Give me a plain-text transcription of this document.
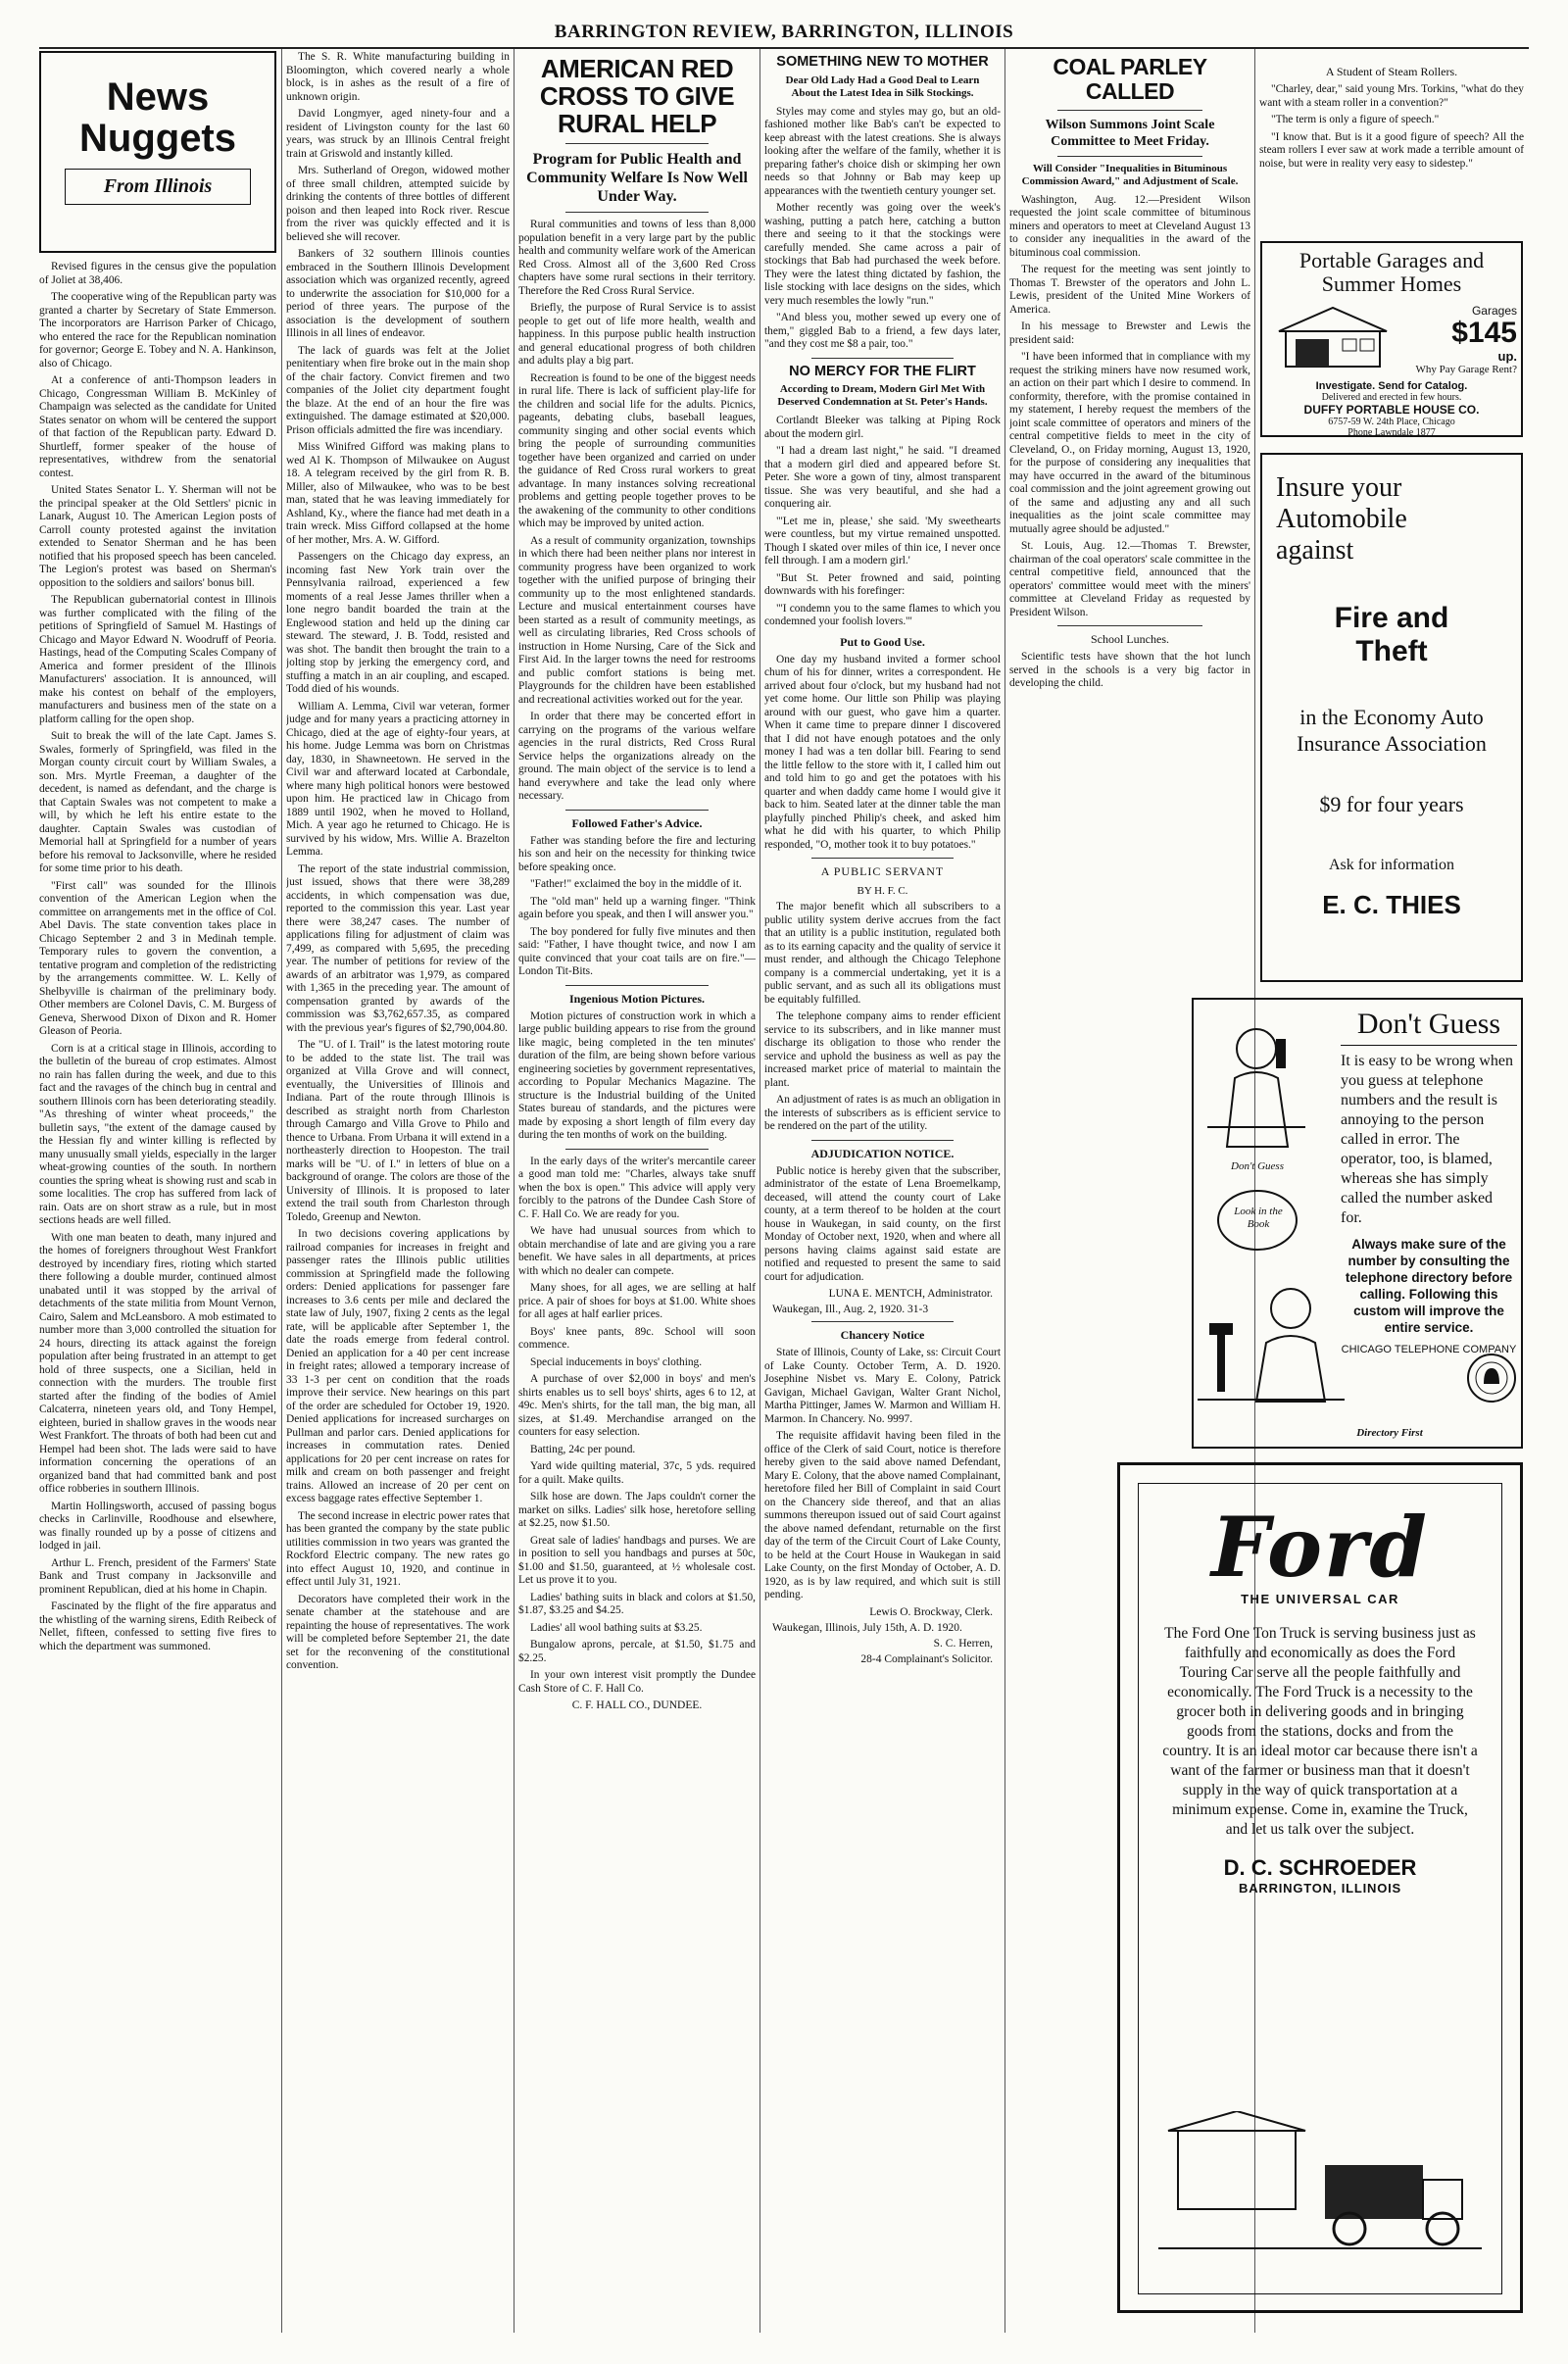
BARRINGTON REVIEW, BARRINGTON, ILLINOIS
News
Nuggets
From Illinois

Revised figures in the census give the population of Joliet at 38,406.

The cooperative wing of the Republican party was granted a charter by Secretary of State Emmerson. The incorporators are Harrison Parker of Chicago, who entered the race for the Republican nomination for governor; George E. Tobey and N. A. Hankinson, also of Chicago.

At a conference of anti-Thompson leaders in Chicago, Congressman William B. McKinley of Champaign was selected as the candidate for United States senator on whom will be centered the support of that faction of the Republican party. Edward D. Shurtleff, former speaker of the house of representatives, withdrew from the senatorial contest.

United States Senator L. Y. Sherman will not be the principal speaker at the Old Settlers' picnic in Lanark, August 10. The American Legion posts of Carroll county protested against the invitation extended to Senator Sherman and he has been notified that his proposed speech has been canceled. The Legion's protest was based on Sherman's opposition to the soldiers and sailors' bonus bill.

The Republican gubernatorial contest in Illinois was further complicated with the filing of the petitions of Springfield of Samuel M. Hastings of Chicago and Mayor Edward N. Woodruff of Peoria. Hastings, head of the Computing Scales Company of America and former president of the Illinois Manufacturers' association. It is announced, will make his contest on behalf of the employers, manufacturers and business men of the state on a platform calling for the open shop.

Suit to break the will of the late Capt. James S. Swales, formerly of Springfield, was filed in the Morgan county circuit court by William Swales, a son. Mrs. Myrtle Freeman, a daughter of the decedent, is named as defendant, and the charge is that Captain Swales was not competent to make a will, by which he left his entire estate to the daughter. Captain Swales was custodian of Memorial hall at Springfield for a number of years before his removal to Jacksonville, where he resided for some time prior to his death.

"First call" was sounded for the Illinois convention of the American Legion when the committee on arrangements met in the office of Col. Abel Davis. The state convention takes place in Chicago September 2 and 3 in Medinah temple. Temporary rules to govern the convention, a tentative program and completion of the redistricting by the arrangements committee. W. L. Kelly of Shelbyville is chairman of the preliminary body. Other members are Colonel Davis, C. M. Burgess of Geneva, Sherwood Dixon of Dixon and R. Homer Gleason of Peoria.

Corn is at a critical stage in Illinois, according to the bulletin of the bureau of crop estimates. Almost no rain has fallen during the week, and due to this fact and the ravages of the chinch bug in central and southern Illinois corn has been deteriorating steadily. "As threshing of winter wheat proceeds," the bulletin says, "the extent of the damage caused by the Hessian fly and winter killing is reflected by many unusually small yields, especially in the larger wheat-growing counties of the south. In northern counties the spring wheat is showing rust and scab in some localities. The crop has suffered from lack of rain. Oats are on short straw as a rule, but in most sections heads are well filled.

With one man beaten to death, many injured and the homes of foreigners throughout West Frankfort destroyed by incendiary fires, rioting which started there following a double murder, continued almost unabated until it was stopped by the arrival of detachments of the state militia from Mount Vernon, Cairo, Salem and McLeansboro. A mob estimated to number more than 3,000 controlled the situation for 24 hours, directing its attack against the foreign population after being frustrated in an attempt to get hold of three suspects, one a Sicilian, held in connection with the murders. The trouble first started after the finding of the bodies of Amiel Calcaterra, nineteen years old, and Tony Hempel, eighteen, buried in shallow graves in the woods near West Frankfort. The throats of both had been cut and Hempel had been shot. The lads were said to have information concerning the operations of an organized band that had committed bank and post office robberies in southern Illinois.

Martin Hollingsworth, accused of passing bogus checks in Carlinville, Roodhouse and elsewhere, was finally rounded up by a posse of citizens and lodged in jail.

Arthur L. French, president of the Farmers' State Bank and Trust company in Jacksonville and prominent Republican, died at his home in Chapin.

Fascinated by the flight of the fire apparatus and the whistling of the warning sirens, Edith Reibeck of Nellet, fifteen, confessed to setting five fires to which the department was summoned.

The S. R. White manufacturing building in Bloomington, which covered nearly a whole block, is in ashes as the result of a fire of unknown origin.

David Longmyer, aged ninety-four and a resident of Livingston county for the last 60 years, was struck by an Illinois Central freight train at Griswold and instantly killed.

Mrs. Sutherland of Oregon, widowed mother of three small children, attempted suicide by drinking the contents of three bottles of different poison and then leaped into Rock river. Rescue from the river was quickly effected and it is believed she will recover.

Bankers of 32 southern Illinois counties embraced in the Southern Illinois Development association which was organized recently, agreed to underwrite the association for $10,000 for a period of three years. The purpose of the association is the development of southern Illinois in all lines of endeavor.

The lack of guards was felt at the Joliet penitentiary when fire broke out in the main shop of the chair factory. Convict firemen and two companies of the Joliet city department fought the blaze. At the end of an hour the fire was extinguished. The damage estimated at $20,000. Prison officials admitted the fire was incendiary.

Miss Winifred Gifford was making plans to wed Al K. Thompson of Milwaukee on August 18. A telegram received by the girl from R. B. Miller, also of Milwaukee, who was to be best man, stated that he was leaving immediately for Ashland, Ky., where the fiance had met death in a train wreck. Miss Gifford collapsed at the home of her mother, Mrs. A. W. Gifford.

Passengers on the Chicago day express, an incoming fast New York train over the Pennsylvania railroad, experienced a few moments of a real Jesse James thriller when a lone negro bandit boarded the train at the Englewood station and held up the dining car steward. The steward, J. B. Todd, resisted and was shot. The bandit then brought the train to a jolting stop by jerking the emergency cord, and stuffing a match in an air coupling, and escaped. Todd died of his wounds.

William A. Lemma, Civil war veteran, former judge and for many years a practicing attorney in Chicago, died at the age of eighty-four years, at his home. Judge Lemma was born on Christmas day, 1830, in Shawneetown. He served in the Civil war and afterward located at Carbondale, where many high political honors were bestowed upon him. He practiced law in Chicago from 1889 until 1902, when he moved to Holland, Mich. A year ago he returned to Chicago. He is survived by his widow, Mrs. Willie A. Brazelton Lemma.

The report of the state industrial commission, just issued, shows that there were 38,289 accidents, in which compensation was due, reported to the commission this year. Last year there were 38,247 cases. The number of applications filing for adjustment of claim was 7,499, as compared with 5,695, the preceding year. The number of petitions for review of the awards of an arbitrator was 1,979, as compared with 1,365 in the preceding year. The amount of compensation granted by awards of the commission was $3,762,657.35, as compared with the previous year's figures of $2,790,004.80.

The "U. of I. Trail" is the latest motoring route to be added to the state list. The trail was organized at Villa Grove and will connect, eventually, the Universities of Illinois and Indiana. Part of the route through Illinois is described as straight north from Charleston through Camargo and Villa Grove to Philo and thence to Urbana. From Urbana it will extend in a northeasterly direction to Hoopeston. The trail marks will be "U. of I." in letters of blue on a background of orange. The colors are those of the University of Illinois. It is proposed to later extend the trail south from Charleston through Toledo, Greenup and Newton.

In two decisions covering applications by railroad companies for increases in freight and passenger rates the Illinois public utilities commission at Springfield made the following orders: Denied applications for passenger fare increases to 3.6 cents per mile and declared the state law of July, 1907, fixing 2 cents as the legal rate, will be applicable after September 1, the date the roads emerge from federal control. Denied an application for a 40 per cent increase in freight rates; allowed a temporary increase of 33 1-3 per cent on condition that the roads improve their service. New hearings on this part of the order are scheduled for October 19, 1920. Denied applications for increased surcharges on Pullman and parlor cars. Denied applications for increases in commutation rates. Denied applications for 20 per cent increase on rates for milk and cream on both passenger and freight trains. Allowed an increase of 20 per cent on excess baggage rates effective September 1.

The second increase in electric power rates that has been granted the company by the state public utilities commission in two years was granted the Rockford Electric company. The new rates go into effect August 10, 1920, and continue in effect until July 31, 1921.

Decorators have completed their work in the senate chamber at the statehouse and are repainting the house of representatives. The work will be completed before September 21, the date set for the reconvening of the constitutional convention.

AMERICAN RED CROSS TO GIVE RURAL HELP
Program for Public Health and Community Welfare Is Now Well Under Way.

Rural communities and towns of less than 8,000 population benefit in a very large part by the public health and community welfare work of the American Red Cross. Almost all of the 3,600 Red Cross chapters have some rural sections in their territory. Therefore the Red Cross Rural Service.

Briefly, the purpose of Rural Service is to assist people to get out of life more health, wealth and happiness. In this purpose public health instruction and general educational progress of both children and adults play a big part.

Recreation is found to be one of the biggest needs in rural life. There is lack of sufficient play-life for the children and social life for the adults. Picnics, pageants, debating clubs, baseball leagues, community singing and other social events which bring the people of surrounding communities together have been organized and carried on under the guidance of Red Cross rural workers to great advantage. In many instances solving recreational problems and getting people together proves to be the awakening of the community to other conditions which may be improved by united action.

As a result of community organization, townships in which there had been neither plans nor interest in community progress have been organized to work together with the unified purpose of bringing their community up to the most enlightened standards. Lecture and musical entertainment courses have been started as a result of community meetings, as well as circulating libraries, Red Cross schools of instruction in Home Nursing, Care of the Sick and First Aid. In the larger towns the need for restrooms and public comfort stations is being met. Playgrounds for the children have been established and recreational activities worked out for the year.

In order that there may be concerted effort in carrying on the programs of the various welfare agencies in the rural districts, Red Cross Rural Service helps the organizations already on the ground. The main object of the service is to lend a hand everywhere and take the lead only where necessary.

Followed Father's Advice.

Father was standing before the fire and lecturing his son and heir on the necessity for thinking twice before speaking once.

"Father!" exclaimed the boy in the middle of it.

The "old man" held up a warning finger. "Think again before you speak, and then I will answer you."

The boy pondered for fully five minutes and then said: "Father, I have thought twice, and now I am quite convinced that your coat tails are on fire."—London Tit-Bits.

Ingenious Motion Pictures.

Motion pictures of construction work in which a large public building appears to rise from the ground like magic, being completed in the ten minutes' duration of the film, are being shown before various engineering societies by government representatives, according to Popular Mechanics Magazine. The structure is the Industrial building of the United States bureau of standards, and the pictures were made by exposing a short length of film every day during the ten months of work on the building.

In the early days of the writer's mercantile career a good man told me: "Charles, always take snuff when the box is open." This advice will apply very forcibly to the patrons of the Dundee Cash Store of C. F. Hall Co. We are ready for you.

We have had unusual sources from which to obtain merchandise of late and are giving you a rare benefit. We have sales in all departments, at prices with which no dealer can compete.

Many shoes, for all ages, we are selling at half price. A pair of shoes for boys at $1.00. White shoes for all ages at half earlier prices.

Boys' knee pants, 89c. School will soon commence.

Special inducements in boys' clothing.

A purchase of over $2,000 in boys' and men's shirts enables us to sell boys' shirts, ages 6 to 12, at 49c. Men's shirts, for the tall man, the big man, all sizes, at $1.49. Merchandise arranged on the counters for easy selection.

Batting, 24c per pound.

Yard wide quilting material, 37c, 5 yds. required for a quilt. Make quilts.

Silk hose are down. The Japs couldn't corner the market on silks. Ladies' silk hose, heretofore selling at $2.25, now $1.50.

Great sale of ladies' handbags and purses. We are in position to sell you handbags and purses at 50c, $1.00 and $1.50, guaranteed, at ½ wholesale cost. Let us prove it to you.

Ladies' bathing suits in black and colors at $1.50, $1.87, $3.25 and $4.25.

Ladies' all wool bathing suits at $3.25.

Bungalow aprons, percale, at $1.50, $1.75 and $2.25.

In your own interest visit promptly the Dundee Cash Store of C. F. Hall Co.

C. F. HALL CO., DUNDEE.
SOMETHING NEW TO MOTHER
Dear Old Lady Had a Good Deal to Learn About the Latest Idea in Silk Stockings.

Styles may come and styles may go, but an old-fashioned mother like Bab's can't be expected to keep abreast with the latest creations. She is always looking after the welfare of the family, whether it is preparing father's choice dish or skimping her own needs so that Johnny or Bab may keep up appearances with the twentieth century younger set.

Mother recently was going over the week's washing, putting a patch here, catching a button there and seeing to it that the stockings were carefully mended. She came across a pair of stockings that Bab had purchased the week before. They were the latest thing dictated by fashion, the lisle stocking with lace designs on the sides, which very much resembles the lowly "run."

"And bless you, mother sewed up every one of them," giggled Bab to a friend, a few days later, "and they cost me $8 a pair, too."

NO MERCY FOR THE FLIRT
According to Dream, Modern Girl Met With Deserved Condemnation at St. Peter's Hands.

Cortlandt Bleeker was talking at Piping Rock about the modern girl.

"I had a dream last night," he said. "I dreamed that a modern girl died and appeared before St. Peter. She wore a gown of tiny, almost transparent tissue. She was very beautiful, and she had a conquering air.

"'Let me in, please,' she said. 'My sweethearts were countless, but my virtue remained unspotted. Though I skated over miles of thin ice, I never once fell through. I am a modern girl.'

"But St. Peter frowned and said, pointing downwards with his forefinger:

"'I condemn you to the same flames to which you condemned your foolish lovers.'"

Put to Good Use.

One day my husband invited a former school chum of his for dinner, writes a correspondent. He arrived about four o'clock, but my husband had not yet come home. Our little son Philip was playing around with our guest, who gave him a quarter. When it came time to prepare dinner I discovered that I did not have enough potatoes and the only money I had was a ten dollar bill. Fearing to send the little fellow to the store with it, I called him out and told him to go and get the potatoes with his quarter and when daddy came home I would give it back to him. Seated later at the dinner table the man playfully pinched Philip's cheek, and asked him what he did with his quarter, to which Philip responded, "O, mother took it to buy potatoes."

A PUBLIC SERVANT
BY H. F. C.

The major benefit which all subscribers to a public utility system derive accrues from the fact that an utility is a public institution, regulated both as to its earning capacity and the quality of service it must render, and although the Chicago Telephone company is a commercial undertaking, yet it is a public servant, and as such all its obligations must be equitably fulfilled.

The telephone company aims to render efficient service to its subscribers, and in like manner must discharge its obligation to those who render the service and uphold the business as well as pay the increased market price of material to maintain the plant.

An adjustment of rates is as much an obligation in the interests of subscribers as is efficient service to be rendered on the part of the utility.

ADJUDICATION NOTICE.

Public notice is hereby given that the subscriber, administrator of the estate of Lena Broemelkamp, deceased, will attend the county court of Lake county, at a term thereof to be holden at the court house in Waukegan, in said county, on the first Monday of October next, 1920, when and where all persons having claims against said estate are notified and requested to present the same to said court for adjudication.

LUNA E. MENTCH, Administrator.
Waukegan, Ill., Aug. 2, 1920. 31-3
Chancery Notice

State of Illinois, County of Lake, ss: Circuit Court of Lake County. October Term, A. D. 1920. Josephine Nisbet vs. Mary E. Colony, Patrick Gavigan, Michael Gavigan, Walter Grant Nichol, Martha Pittinger, James W. Marmon and William H. Marmon. In Chancery. No. 9997.

The requisite affidavit having been filed in the office of the Clerk of said Court, notice is therefore hereby given to the said above named Defendant, Mary E. Colony, that the above named Complainant, heretofore filed her Bill of Complaint in said Court on the Chancery side thereof, and that an alias summons thereupon issued out of said Court against the above named defendant, returnable on the first day of the term of the Circuit Court of Lake County, to be held at the Court House in Waukegan in said Lake County, on the first Monday of October, A. D. 1920, as is by law required, and which suit is still pending.

Lewis O. Brockway, Clerk.
Waukegan, Illinois, July 15th, A. D. 1920.
S. C. Herren,
28-4 Complainant's Solicitor.
COAL PARLEY CALLED
Wilson Summons Joint Scale Committee to Meet Friday.
Will Consider "Inequalities in Bituminous Commission Award," and Adjustment of Scale.

Washington, Aug. 12.—President Wilson requested the joint scale committee of bituminous miners and operators to meet at Cleveland August 13 to consider any inequalities in the award of the bituminous coal commission.

The request for the meeting was sent jointly to Thomas T. Brewster of the operators and John L. Lewis, president of the United Mine Workers of America.

In his message to Brewster and Lewis the president said:

"I have been informed that in compliance with my request the striking miners have now resumed work, an action on their part which I desire to commend. In conformity, therefore, with the promise contained in my statement, I hereby request the members of the joint scale committee of operators and miners of the central competitive fields to meet in the city of Cleveland, O., on Friday morning, August 13, 1920, for the purpose of considering any inequalities that may have occurred in the award of the bituminous coal commission and the joint agreement growing out of the same and adjusting any and all such inequalities as the joint scale committee may mutually agree should be adjusted."

St. Louis, Aug. 12.—Thomas T. Brewster, chairman of the coal operators' scale committee in the central competitive field, announced that the operators' committee would meet with the miners' committee at Cleveland Friday as requested by President Wilson.

School Lunches.

Scientific tests have shown that the hot lunch served in the schools is a very big factor in developing the child.

A Student of Steam Rollers.

"Charley, dear," said young Mrs. Torkins, "what do they want with a steam roller in a convention?"

"The term is only a figure of speech."

"I know that. But is it a good figure of speech? All the steam rollers I ever saw at work made a terrible amount of noise, but were in reality very easy to sidestep."

Portable Garages and Summer Homes
Garages
$145
up.
Why Pay Garage Rent?
Investigate. Send for Catalog.
Delivered and erected in few hours.
DUFFY PORTABLE HOUSE CO.
6757-59 W. 24th Place, Chicago
Phone Lawndale 1877
Insure your
Automobile
against
Fire and
Theft
in the Economy Auto Insurance Association
$9 for four years
Ask for information
E. C. THIES
Don't Guess
Look in the Book
Directory First
Don't Guess
It is easy to be wrong when you guess at telephone numbers and the result is annoying to the person called in error. The operator, too, is blamed, whereas she has simply called the number asked for.
Always make sure of the number by consulting the telephone directory before calling. Following this custom will improve the entire service.
CHICAGO TELEPHONE COMPANY
Ford
THE UNIVERSAL CAR
The Ford One Ton Truck is serving business just as faithfully and economically as does the Ford Touring Car serve all the people faithfully and economically. The Ford Truck is a necessity to the grocer both in delivering goods and in bringing goods from the stations, docks and from the country. It is an ideal motor car because there isn't a want of the farmer or business man that it doesn't supply in the way of quick transportation at a minimum expense. Come in, examine the Truck, and let us talk over the subject.
D. C. SCHROEDER
BARRINGTON, ILLINOIS
